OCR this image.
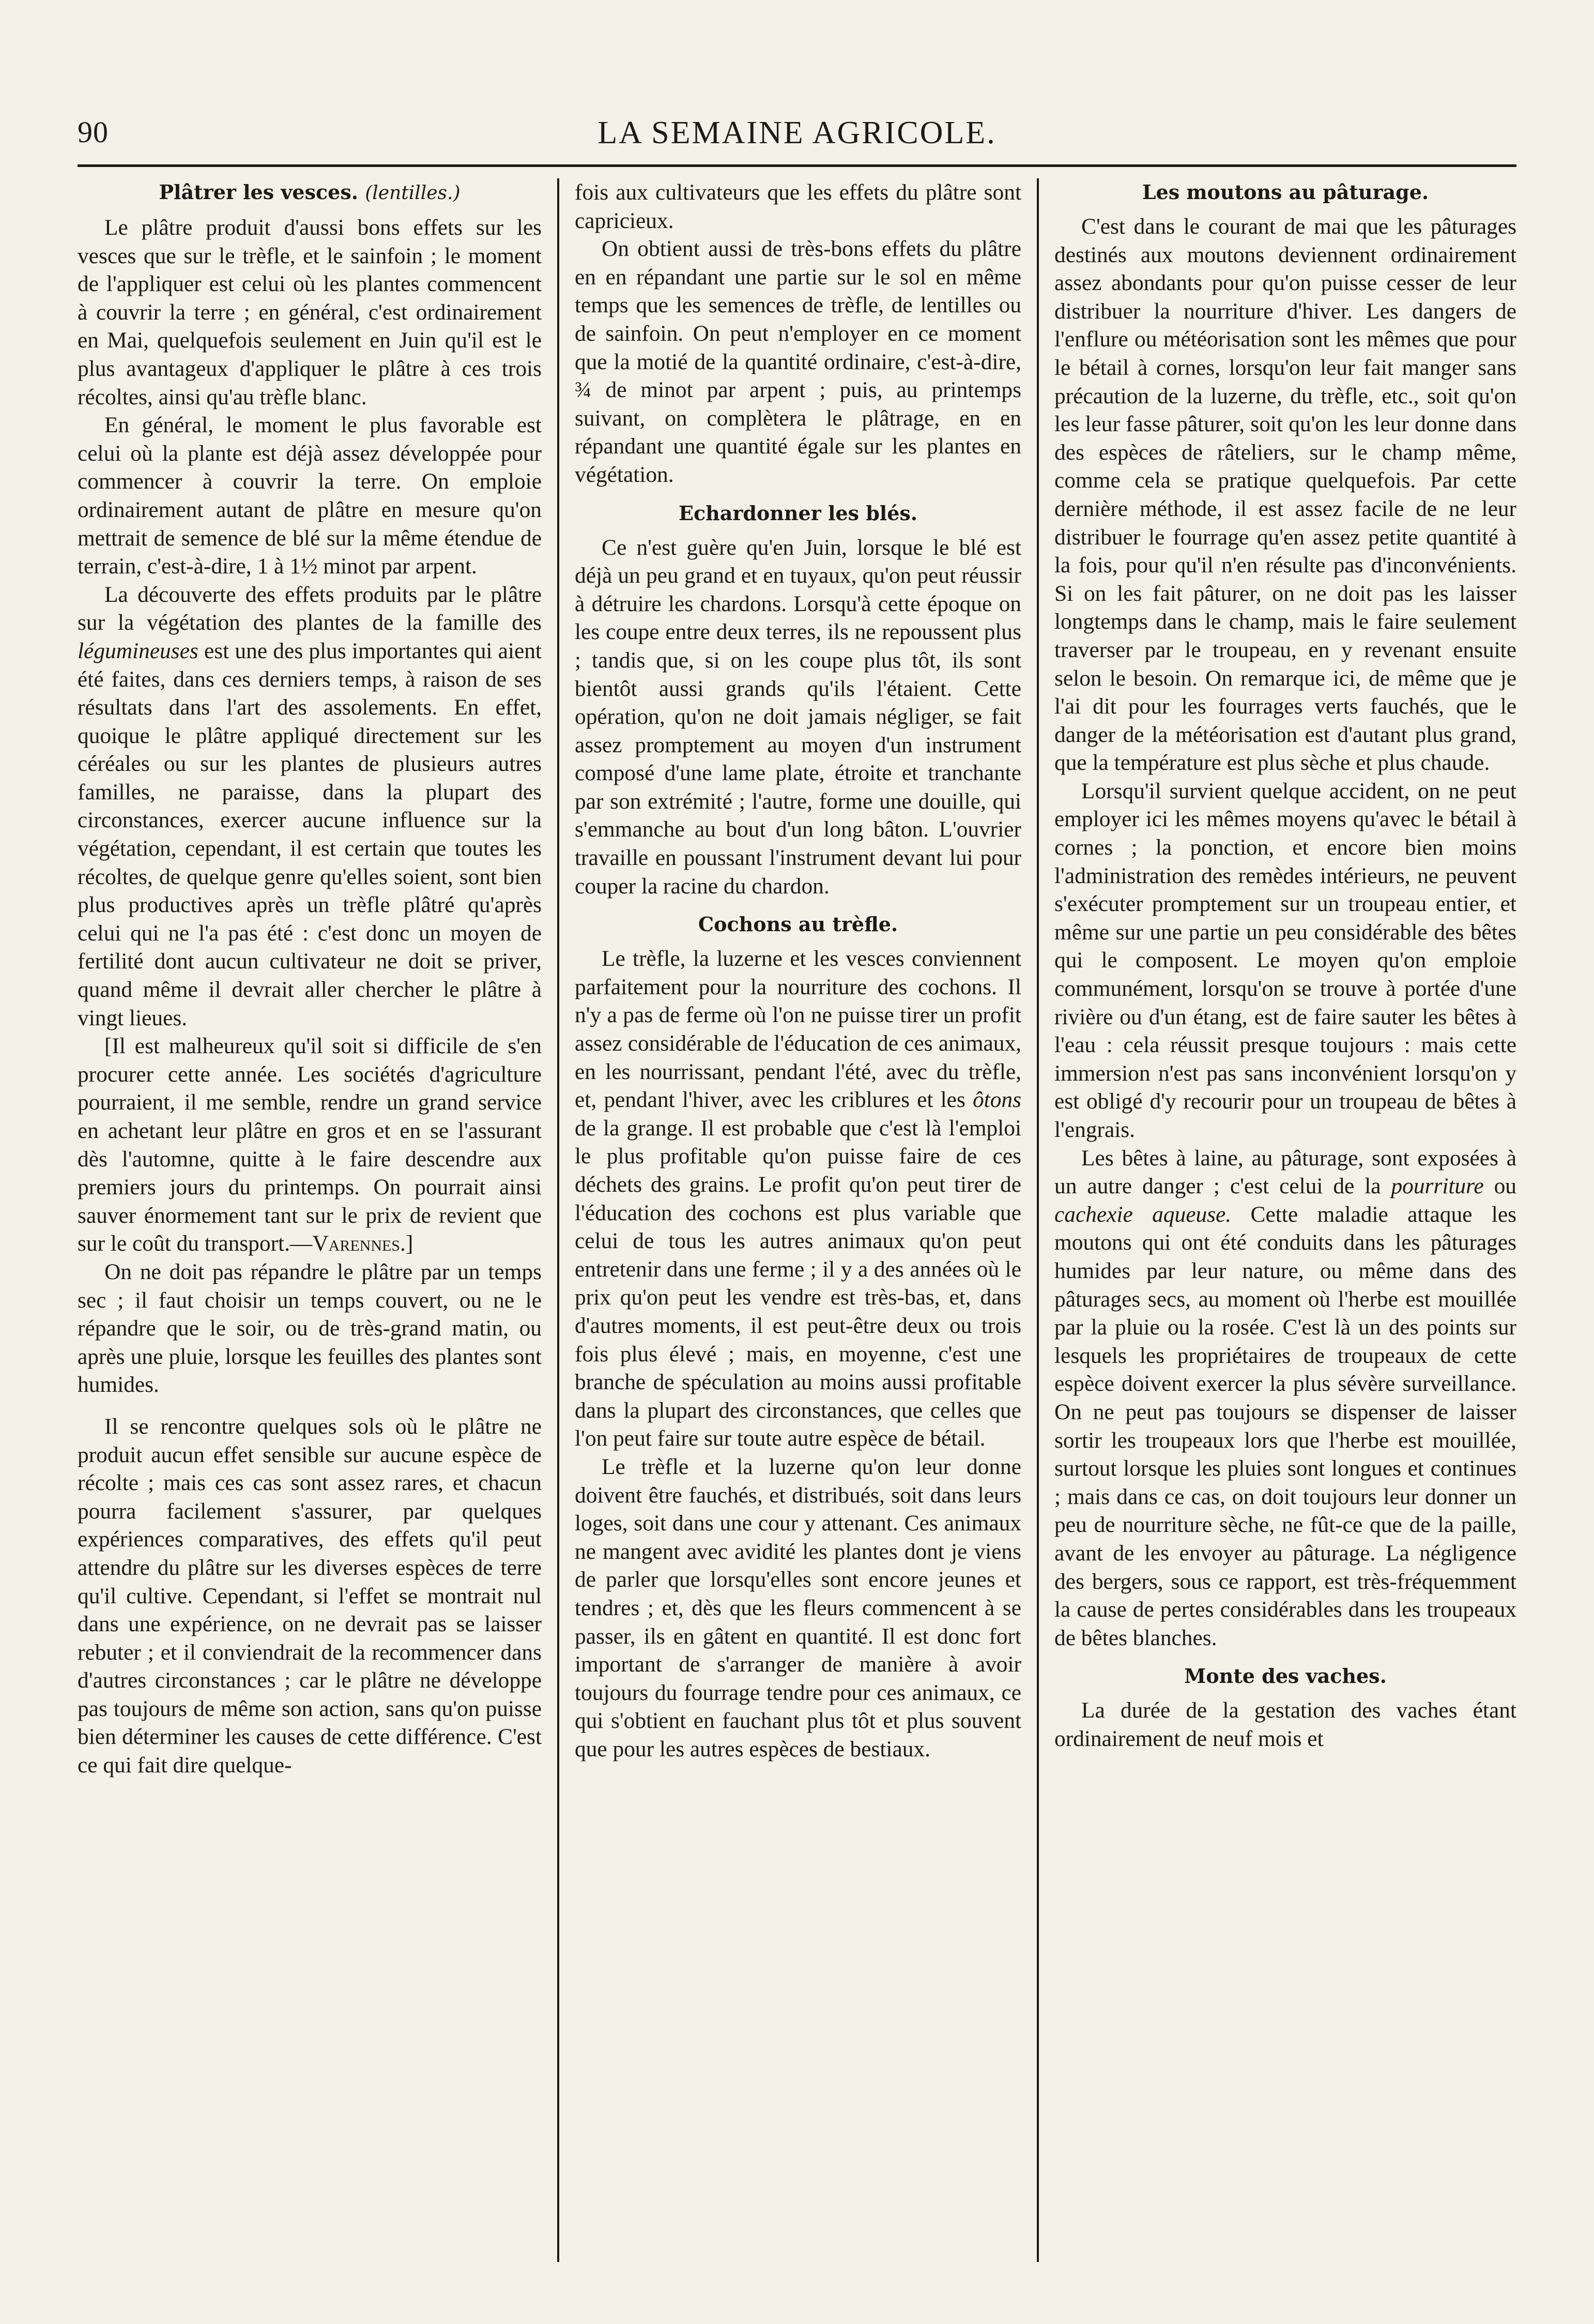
90	LA SEMAINE AGRICOLE.
Plâtrer les vesces. (lentilles.)

Le plâtre produit d'aussi bons effets sur les vesces que sur le trèfle, et le sainfoin ; le moment de l'appliquer est celui où les plantes commencent à couvrir la terre ; en général, c'est ordinairement en Mai, quelquefois seulement en Juin qu'il est le plus avantageux d'appliquer le plâtre à ces trois récoltes, ainsi qu'au trèfle blanc.

En général, le moment le plus favorable est celui où la plante est déjà assez développée pour commencer à couvrir la terre. On emploie ordinairement autant de plâtre en mesure qu'on mettrait de semence de blé sur la même étendue de terrain, c'est-à-dire, 1 à 1½ minot par arpent.

La découverte des effets produits par le plâtre sur la végétation des plantes de la famille des légumineuses est une des plus importantes qui aient été faites, dans ces derniers temps, à raison de ses résultats dans l'art des assolements. En effet, quoique le plâtre appliqué directement sur les céréales ou sur les plantes de plusieurs autres familles, ne paraisse, dans la plupart des circonstances, exercer aucune influence sur la végétation, cependant, il est certain que toutes les récoltes, de quelque genre qu'elles soient, sont bien plus productives après un trèfle plâtré qu'après celui qui ne l'a pas été : c'est donc un moyen de fertilité dont aucun cultivateur ne doit se priver, quand même il devrait aller chercher le plâtre à vingt lieues.

[Il est malheureux qu'il soit si difficile de s'en procurer cette année. Les sociétés d'agriculture pourraient, il me semble, rendre un grand service en achetant leur plâtre en gros et en se l'assurant dès l'automne, quitte à le faire descendre aux premiers jours du printemps. On pourrait ainsi sauver énormement tant sur le prix de revient que sur le coût du transport.—Varennes.]

On ne doit pas répandre le plâtre par un temps sec ; il faut choisir un temps couvert, ou ne le répandre que le soir, ou de très-grand matin, ou après une pluie, lorsque les feuilles des plantes sont humides.

Il se rencontre quelques sols où le plâtre ne produit aucun effet sensible sur aucune espèce de récolte ; mais ces cas sont assez rares, et chacun pourra facilement s'assurer, par quelques expériences comparatives, des effets qu'il peut attendre du plâtre sur les diverses espèces de terre qu'il cultive. Cependant, si l'effet se montrait nul dans une expérience, on ne devrait pas se laisser rebuter ; et il conviendrait de la recommencer dans d'autres circonstances ; car le plâtre ne développe pas toujours de même son action, sans qu'on puisse bien déterminer les causes de cette différence. C'est ce qui fait dire quelque-

fois aux cultivateurs que les effets du plâtre sont capricieux.

On obtient aussi de très-bons effets du plâtre en en répandant une partie sur le sol en même temps que les semences de trèfle, de lentilles ou de sainfoin. On peut n'employer en ce moment que la motié de la quantité ordinaire, c'est-à-dire, ¾ de minot par arpent ; puis, au printemps suivant, on complètera le plâtrage, en en répandant une quantité égale sur les plantes en végétation.

Echardonner les blés.

Ce n'est guère qu'en Juin, lorsque le blé est déjà un peu grand et en tuyaux, qu'on peut réussir à détruire les chardons. Lorsqu'à cette époque on les coupe entre deux terres, ils ne repoussent plus ; tandis que, si on les coupe plus tôt, ils sont bientôt aussi grands qu'ils l'étaient. Cette opération, qu'on ne doit jamais négliger, se fait assez promptement au moyen d'un instrument composé d'une lame plate, étroite et tranchante par son extrémité ; l'autre, forme une douille, qui s'emmanche au bout d'un long bâton. L'ouvrier travaille en poussant l'instrument devant lui pour couper la racine du chardon.

Cochons au trèfle.

Le trèfle, la luzerne et les vesces conviennent parfaitement pour la nourriture des cochons. Il n'y a pas de ferme où l'on ne puisse tirer un profit assez considérable de l'éducation de ces animaux, en les nourrissant, pendant l'été, avec du trèfle, et, pendant l'hiver, avec les criblures et les ôtons de la grange. Il est probable que c'est là l'emploi le plus profitable qu'on puisse faire de ces déchets des grains. Le profit qu'on peut tirer de l'éducation des cochons est plus variable que celui de tous les autres animaux qu'on peut entretenir dans une ferme ; il y a des années où le prix qu'on peut les vendre est très-bas, et, dans d'autres moments, il est peut-être deux ou trois fois plus élevé ; mais, en moyenne, c'est une branche de spéculation au moins aussi profitable dans la plupart des circonstances, que celles que l'on peut faire sur toute autre espèce de bétail.

Le trèfle et la luzerne qu'on leur donne doivent être fauchés, et distribués, soit dans leurs loges, soit dans une cour y attenant. Ces animaux ne mangent avec avidité les plantes dont je viens de parler que lorsqu'elles sont encore jeunes et tendres ; et, dès que les fleurs commencent à se passer, ils en gâtent en quantité. Il est donc fort important de s'arranger de manière à avoir toujours du fourrage tendre pour ces animaux, ce qui s'obtient en fauchant plus tôt et plus souvent que pour les autres espèces de bestiaux.

Les moutons au pâturage.

C'est dans le courant de mai que les pâturages destinés aux moutons deviennent ordinairement assez abondants pour qu'on puisse cesser de leur distribuer la nourriture d'hiver. Les dangers de l'enflure ou météorisation sont les mêmes que pour le bétail à cornes, lorsqu'on leur fait manger sans précaution de la luzerne, du trèfle, etc., soit qu'on les leur fasse pâturer, soit qu'on les leur donne dans des espèces de râteliers, sur le champ même, comme cela se pratique quelquefois. Par cette dernière méthode, il est assez facile de ne leur distribuer le fourrage qu'en assez petite quantité à la fois, pour qu'il n'en résulte pas d'inconvénients. Si on les fait pâturer, on ne doit pas les laisser longtemps dans le champ, mais le faire seulement traverser par le troupeau, en y revenant ensuite selon le besoin. On remarque ici, de même que je l'ai dit pour les fourrages verts fauchés, que le danger de la météorisation est d'autant plus grand, que la température est plus sèche et plus chaude.

Lorsqu'il survient quelque accident, on ne peut employer ici les mêmes moyens qu'avec le bétail à cornes ; la ponction, et encore bien moins l'administration des remèdes intérieurs, ne peuvent s'exécuter promptement sur un troupeau entier, et même sur une partie un peu considérable des bêtes qui le composent. Le moyen qu'on emploie communément, lorsqu'on se trouve à portée d'une rivière ou d'un étang, est de faire sauter les bêtes à l'eau : cela réussit presque toujours : mais cette immersion n'est pas sans inconvénient lorsqu'on y est obligé d'y recourir pour un troupeau de bêtes à l'engrais.

Les bêtes à laine, au pâturage, sont exposées à un autre danger ; c'est celui de la pourriture ou cachexie aqueuse. Cette maladie attaque les moutons qui ont été conduits dans les pâturages humides par leur nature, ou même dans des pâturages secs, au moment où l'herbe est mouillée par la pluie ou la rosée. C'est là un des points sur lesquels les propriétaires de troupeaux de cette espèce doivent exercer la plus sévère surveillance. On ne peut pas toujours se dispenser de laisser sortir les troupeaux lors que l'herbe est mouillée, surtout lorsque les pluies sont longues et continues ; mais dans ce cas, on doit toujours leur donner un peu de nourriture sèche, ne fût-ce que de la paille, avant de les envoyer au pâturage. La négligence des bergers, sous ce rapport, est très-fréquemment la cause de pertes considérables dans les troupeaux de bêtes blanches.

Monte des vaches.

La durée de la gestation des vaches étant ordinairement de neuf mois et
